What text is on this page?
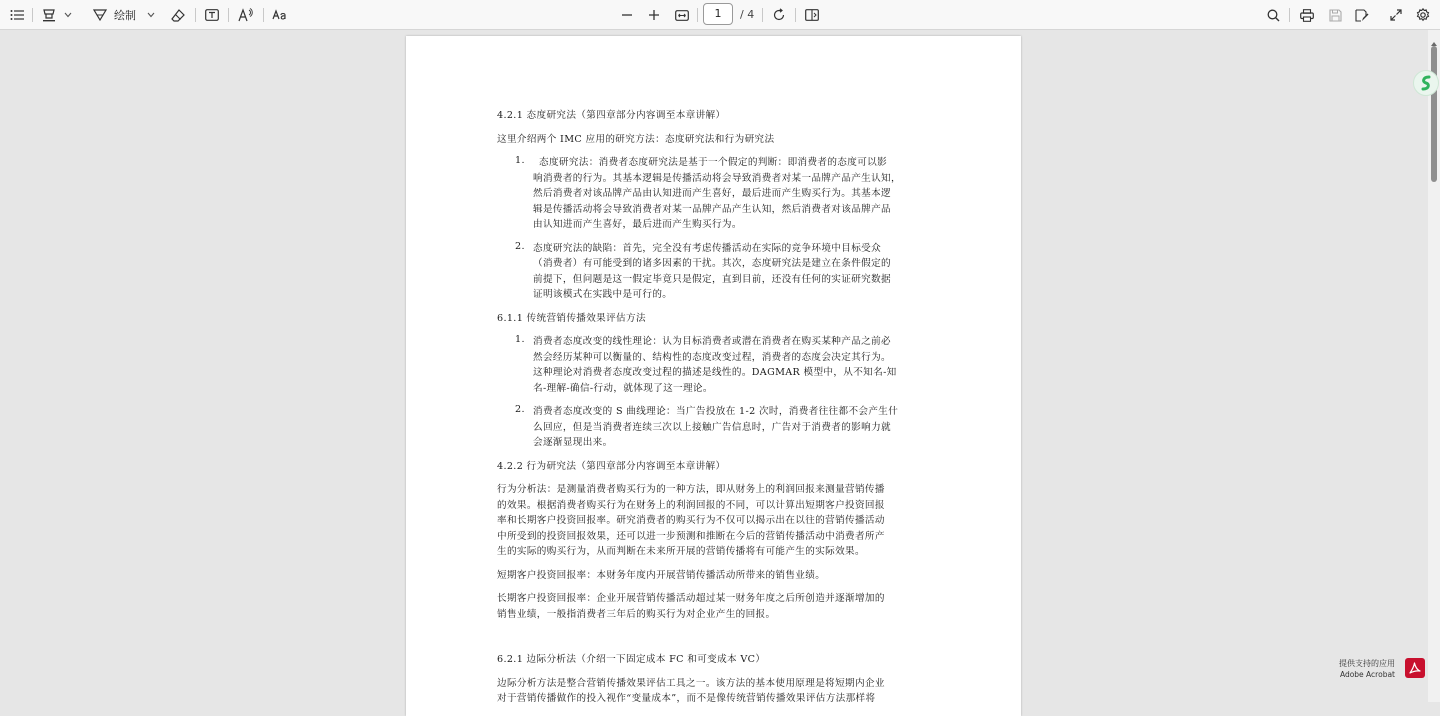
绘制	1	/ 4

4.2.1 态度研究法（第四章部分内容调至本章讲解）

这里介绍两个 IMC 应用的研究方法：态度研究法和行为研究法

1.	态度研究法：消费者态度研究法是基于一个假定的判断：即消费者的态度可以影

响消费者的行为。其基本逻辑是传播活动将会导致消费者对某一品牌产品产生认知，

然后消费者对该品牌产品由认知进而产生喜好，最后进而产生购买行为。其基本逻

辑是传播活动将会导致消费者对某一品牌产品产生认知，然后消费者对该品牌产品

由认知进而产生喜好，最后进而产生购买行为。

2. 态度研究法的缺陷：首先，完全没有考虑传播活动在实际的竞争环境中目标受众

（消费者）有可能受到的诸多因素的干扰。其次，态度研究法是建立在条件假定的

前提下，但问题是这一假定毕竟只是假定，直到目前，还没有任何的实证研究数据

证明该模式在实践中是可行的。

6.1.1 传统营销传播效果评估方法

1. 消费者态度改变的线性理论：认为目标消费者或潜在消费者在购买某种产品之前必

然会经历某种可以衡量的、结构性的态度改变过程，消费者的态度会决定其行为。

这种理论对消费者态度改变过程的描述是线性的。DAGMAR 模型中，从不知名-知

名-理解-确信-行动，就体现了这一理论。

2. 消费者态度改变的 S 曲线理论：当广告投放在 1-2 次时，消费者往往都不会产生什

么回应，但是当消费者连续三次以上接触广告信息时，广告对于消费者的影响力就

会逐渐显现出来。

4.2.2 行为研究法（第四章部分内容调至本章讲解）

行为分析法：是测量消费者购买行为的一种方法，即从财务上的利润回报来测量营销传播

的效果。根据消费者购买行为在财务上的利润回报的不同，可以计算出短期客户投资回报

率和长期客户投资回报率。研究消费者的购买行为不仅可以揭示出在以往的营销传播活动

中所受到的投资回报效果，还可以进一步预测和推断在今后的营销传播活动中消费者所产

生的实际的购买行为，从而判断在未来所开展的营销传播将有可能产生的实际效果。

短期客户投资回报率：本财务年度内开展营销传播活动所带来的销售业绩。

长期客户投资回报率：企业开展营销传播活动超过某一财务年度之后所创造并逐渐增加的

销售业绩，一般指消费者三年后的购买行为对企业产生的回报。

6.2.1 边际分析法（介绍一下固定成本 FC 和可变成本 VC）

边际分析方法是整合营销传播效果评估工具之一。该方法的基本使用原理是将短期内企业

对于营销传播做作的投入视作“变量成本”，而不是像传统营销传播效果评估方法那样将

提供支持的应用
Adobe Acrobat
